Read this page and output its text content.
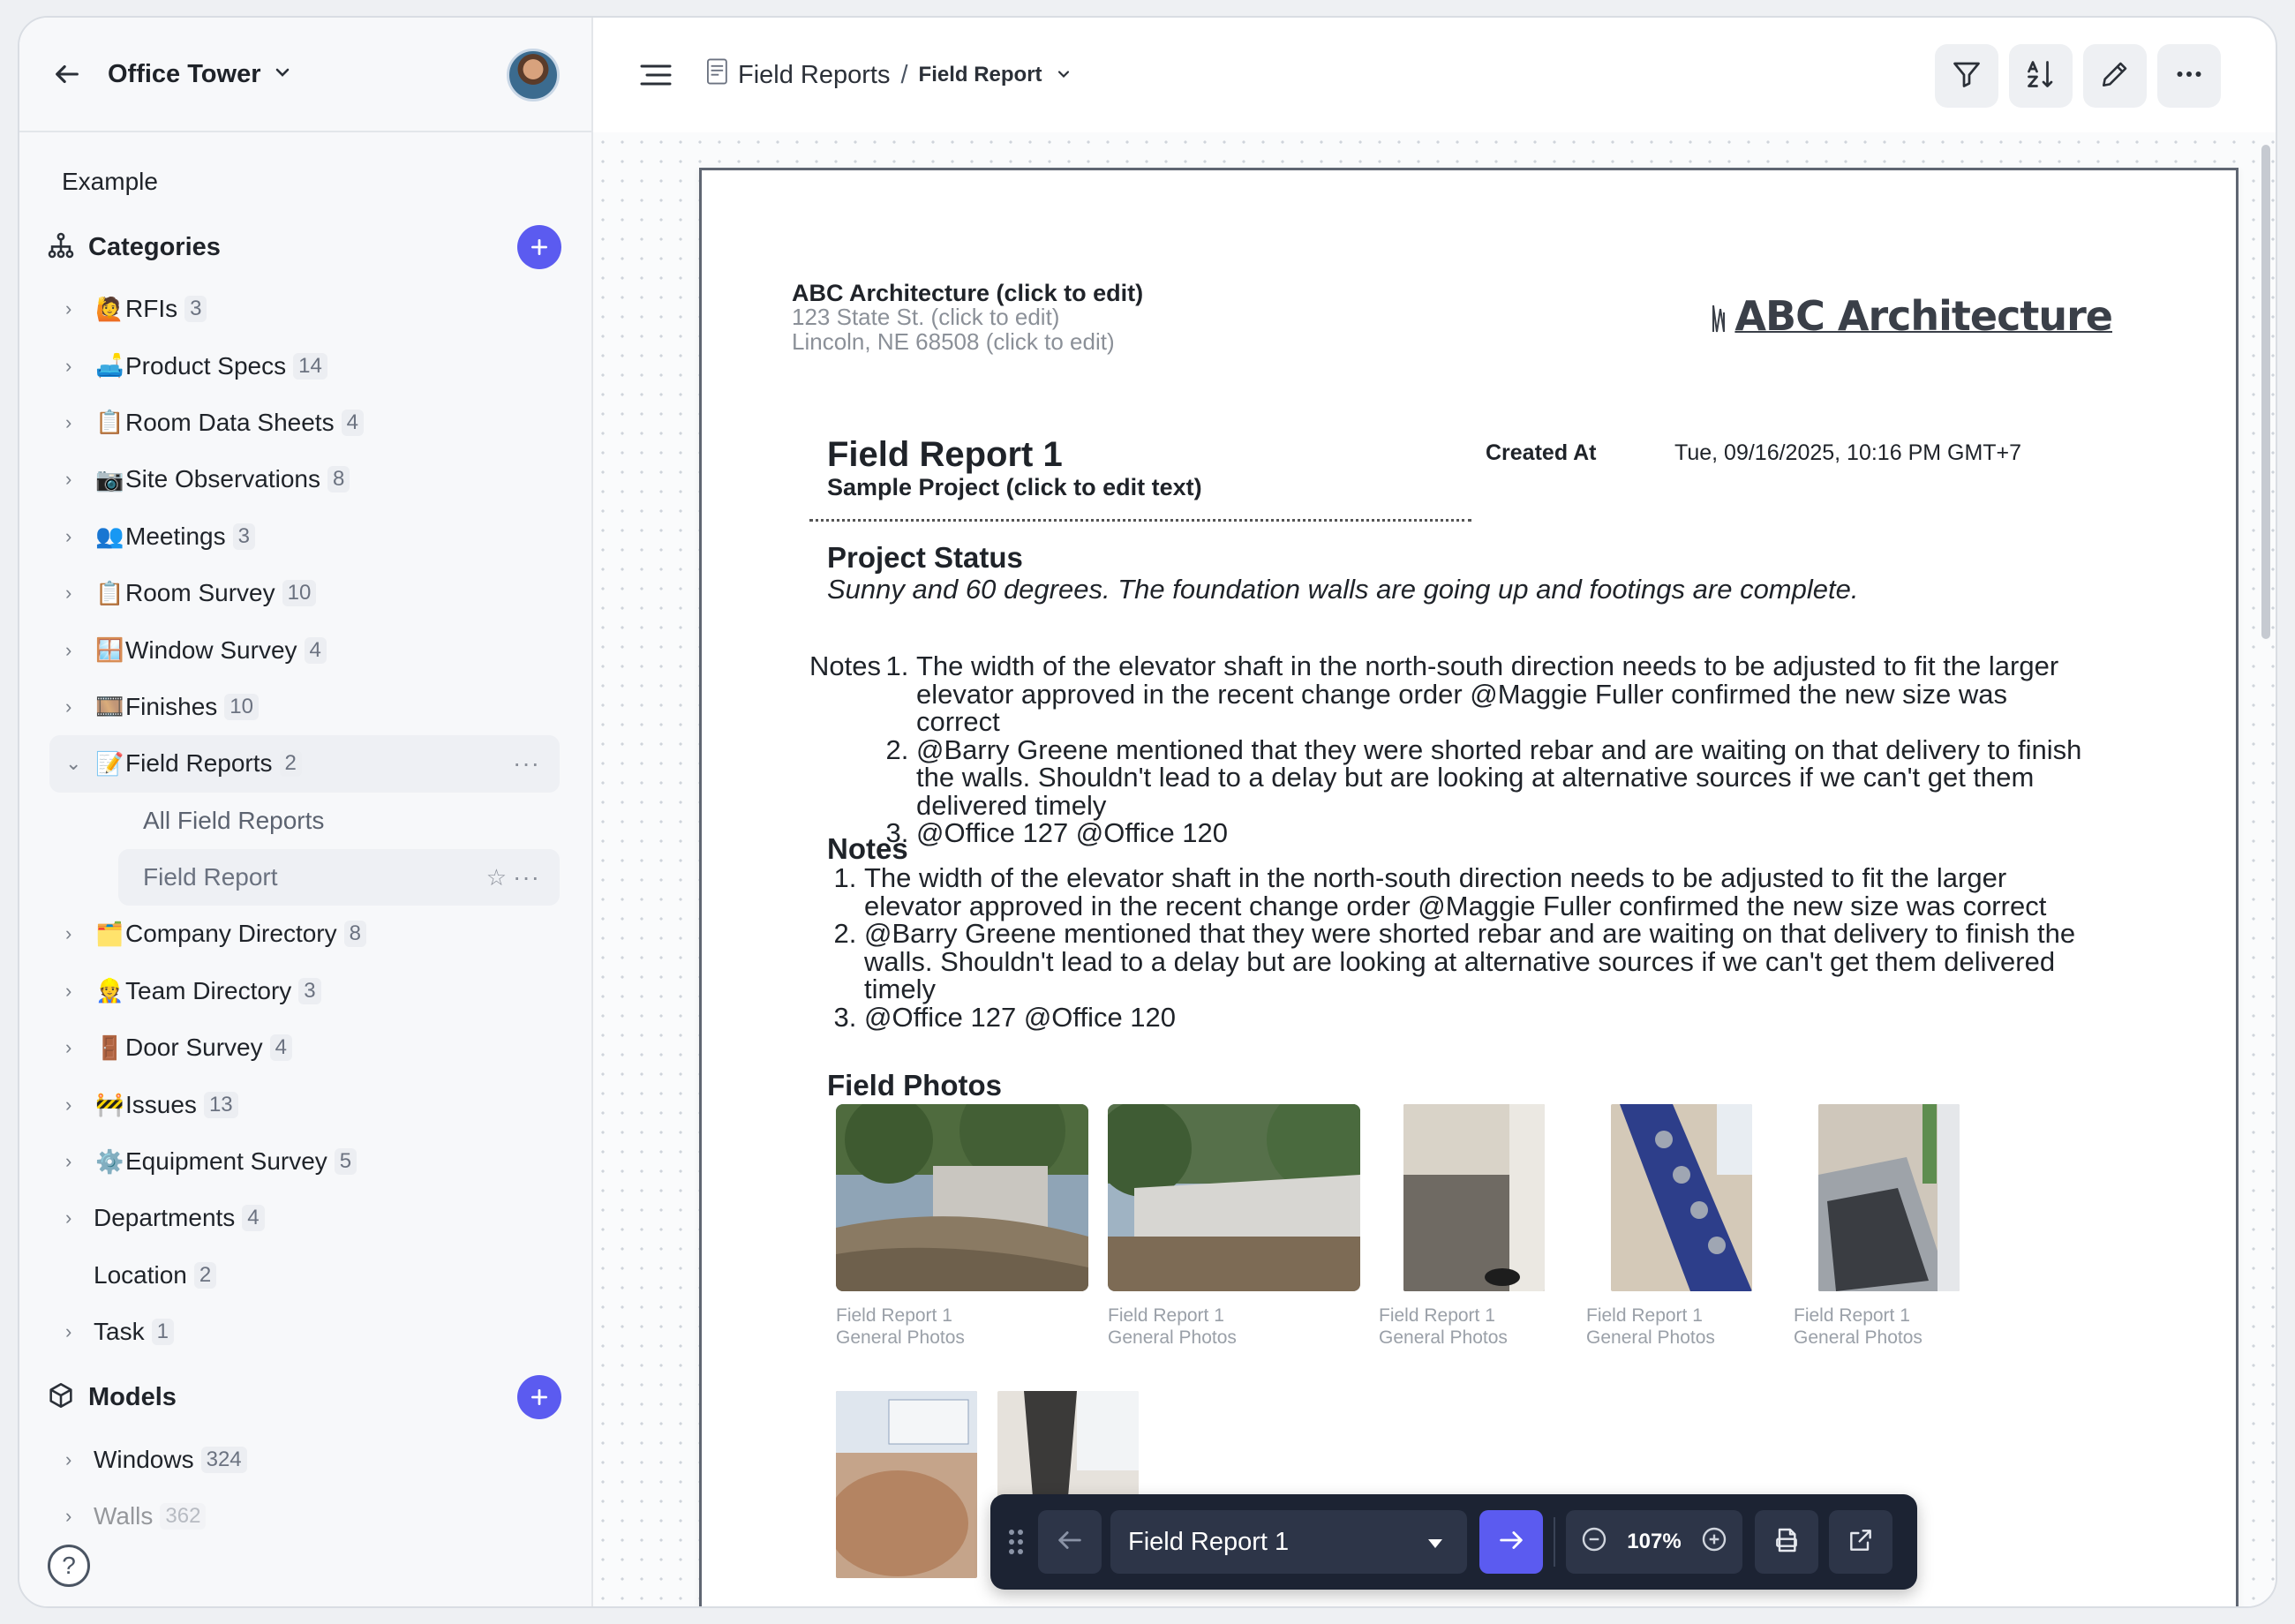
Office Tower
Example
Categories
›	🙋 RFIs 3
›	🛋️ Product Specs 14
›	📋 Room Data Sheets 4
›	📷 Site Observations 8
›	👥 Meetings 3
›	📋 Room Survey 10
›	🪟 Window Survey 4
›	🎞️ Finishes 10
⌄ 📝 Field Reports 2	···
All Field Reports
Field Report	☆ ···
›	🗂️ Company Directory 8
›	👷 Team Directory 3
›	🚪 Door Survey 4
›	🚧 Issues 13
›	⚙️ Equipment Survey 5
› Departments 4
Location 2
› Task 1
Models
› Windows 324
› Walls 362
?
Field Reports / Field Report
ABC Architecture (click to edit)
123 State St. (click to edit)
Lincoln, NE 68508 (click to edit)
ABC Architecture
Field Report 1
Sample Project (click to edit text)
Created At	Tue, 09/16/2025, 10:16 PM GMT+7
Project Status
Sunny and 60 degrees. The foundation walls are going up and footings are complete.
Notes
1. The width of the elevator shaft in the north-south direction needs to be adjusted to fit the larger elevator approved in the recent change order @Maggie Fuller confirmed the new size was correct
2. @Barry Greene mentioned that they were shorted rebar and are waiting on that delivery to finish the walls. Shouldn't lead to a delay but are looking at alternative sources if we can't get them delivered timely
3. @Office 127 @Office 120
Notes
1. The width of the elevator shaft in the north-south direction needs to be adjusted to fit the larger elevator approved in the recent change order @Maggie Fuller confirmed the new size was correct
2. @Barry Greene mentioned that they were shorted rebar and are waiting on that delivery to finish the walls. Shouldn't lead to a delay but are looking at alternative sources if we can't get them delivered timely
3. @Office 127 @Office 120
Field Photos
Field Report 1
General Photos
Field Report 1
General Photos
Field Report 1
General Photos
Field Report 1
General Photos
Field Report 1
General Photos
Field Report 1	107%
